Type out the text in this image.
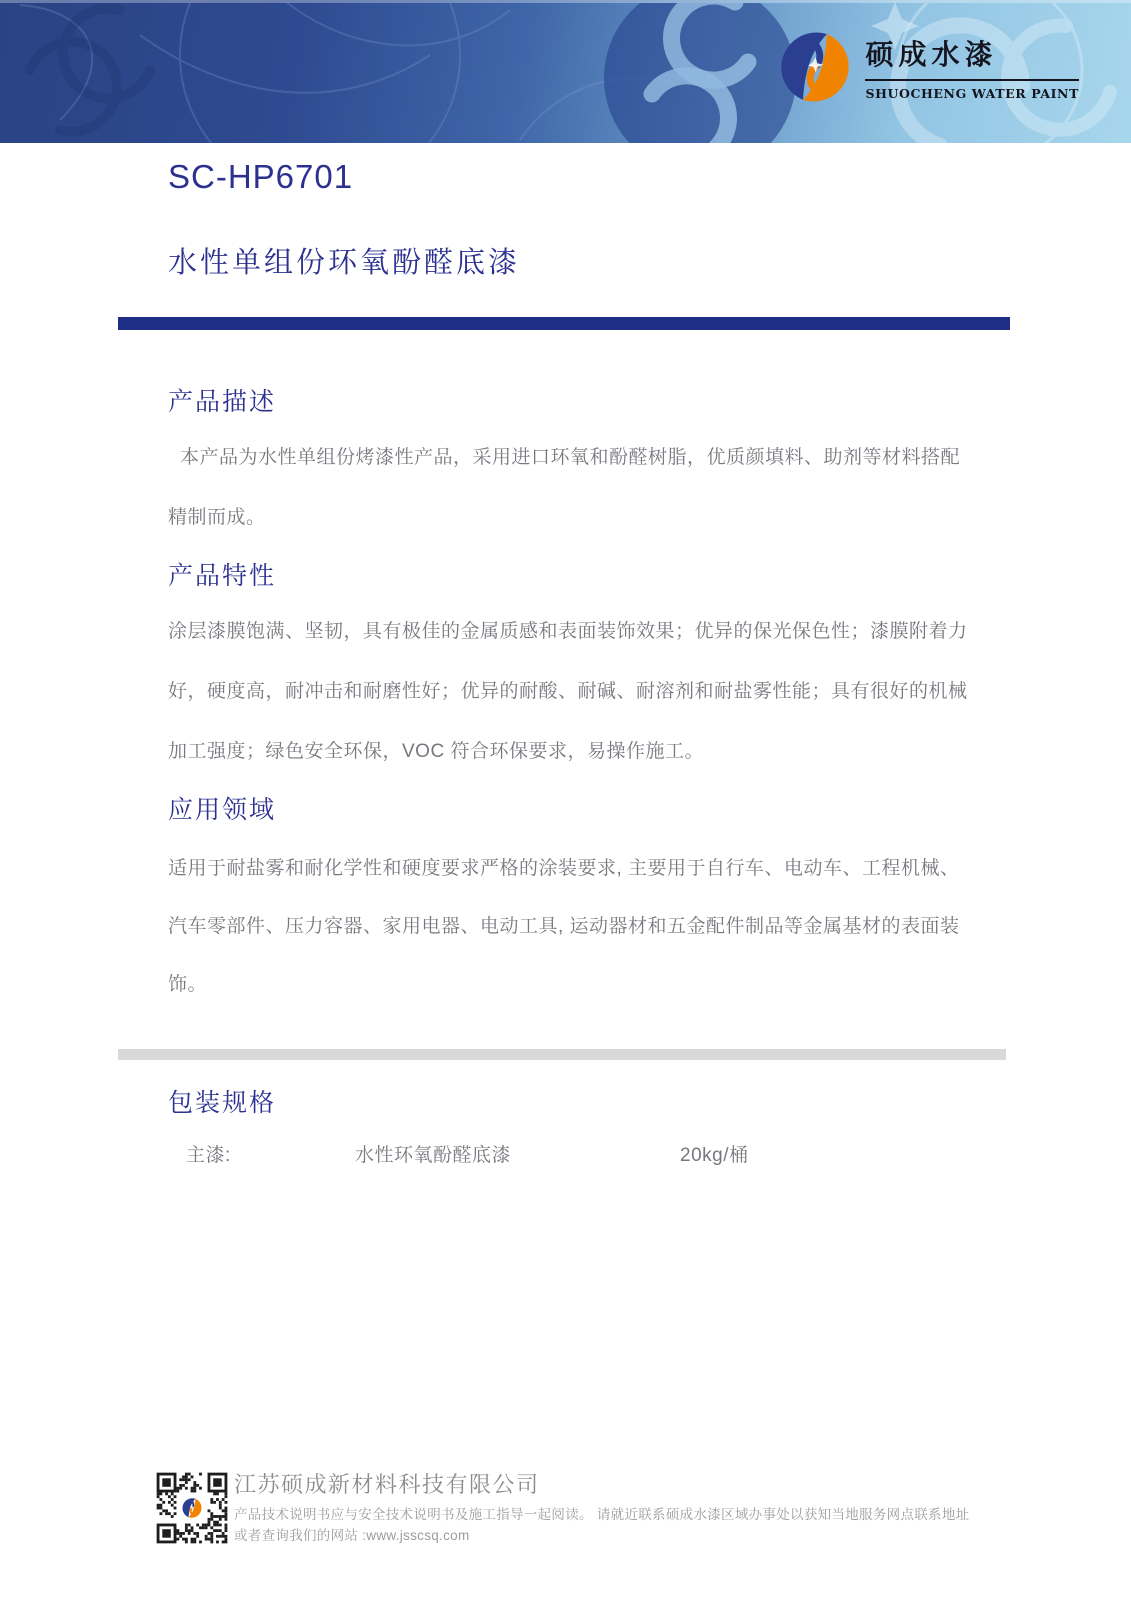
硕成水漆
SHUOCHENG WATER PAINT
SC-HP6701
水性单组份环氧酚醛底漆
产品描述
本产品为水性单组份烤漆性产品，采用进口环氧和酚醛树脂，优质颜填料、助剂等材料搭配精制而成。
产品特性
涂层漆膜饱满、坚韧，具有极佳的金属质感和表面装饰效果；优异的保光保色性；漆膜附着力好，硬度高，耐冲击和耐磨性好；优异的耐酸、耐碱、耐溶剂和耐盐雾性能；具有很好的机械加工强度；绿色安全环保，VOC 符合环保要求，易操作施工。
应用领域
适用于耐盐雾和耐化学性和硬度要求严格的涂装要求, 主要用于自行车、电动车、工程机械、汽车零部件、压力容器、家用电器、电动工具, 运动器材和五金配件制品等金属基材的表面装饰。
包装规格
主漆:	水性环氧酚醛底漆	20kg/桶
江苏硕成新材料科技有限公司
产品技术说明书应与安全技术说明书及施工指导一起阅读。 请就近联系硕成水漆区域办事处以获知当地服务网点联系地址
或者查询我们的网站 :www.jsscsq.com
